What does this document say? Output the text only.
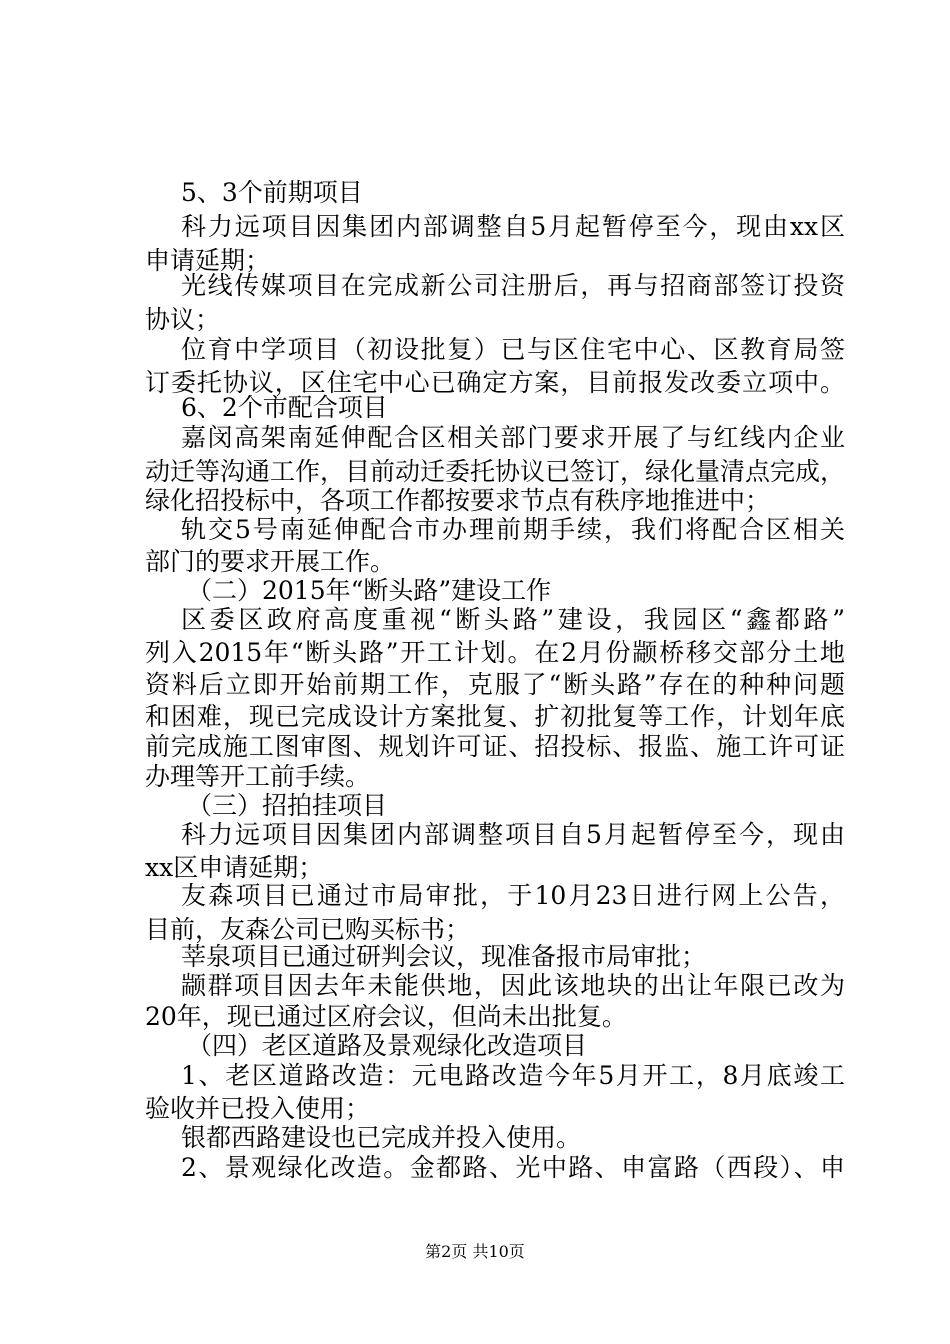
5、3个前期项目
科力远项目因集团内部调整自5月起暂停至今，现由xx区
申请延期；
光线传媒项目在完成新公司注册后，再与招商部签订投资
协议；
位育中学项目（初设批复）已与区住宅中心、区教育局签
订委托协议，区住宅中心已确定方案，目前报发改委立项中。
6、2个市配合项目
嘉闵高架南延伸配合区相关部门要求开展了与红线内企业
动迁等沟通工作，目前动迁委托协议已签订，绿化量清点完成，
绿化招投标中，各项工作都按要求节点有秩序地推进中；
轨交5号南延伸配合市办理前期手续，我们将配合区相关
部门的要求开展工作。
（二）2015年“断头路”建设工作
区委区政府高度重视“断头路”建设，我园区“鑫都路”
列入2015年“断头路”开工计划。在2月份颛桥移交部分土地
资料后立即开始前期工作，克服了“断头路”存在的种种问题
和困难，现已完成设计方案批复、扩初批复等工作，计划年底
前完成施工图审图、规划许可证、招投标、报监、施工许可证
办理等开工前手续。
（三）招拍挂项目
科力远项目因集团内部调整项目自5月起暂停至今，现由
xx区申请延期；
友森项目已通过市局审批，于10月23日进行网上公告，
目前，友森公司已购买标书；
莘泉项目已通过研判会议，现准备报市局审批；
颛群项目因去年未能供地，因此该地块的出让年限已改为
20年，现已通过区府会议，但尚未出批复。
（四）老区道路及景观绿化改造项目
1、老区道路改造：元电路改造今年5月开工，8月底竣工
验收并已投入使用；
银都西路建设也已完成并投入使用。
2、景观绿化改造。金都路、光中路、申富路（西段）、申
第2页 共10页
